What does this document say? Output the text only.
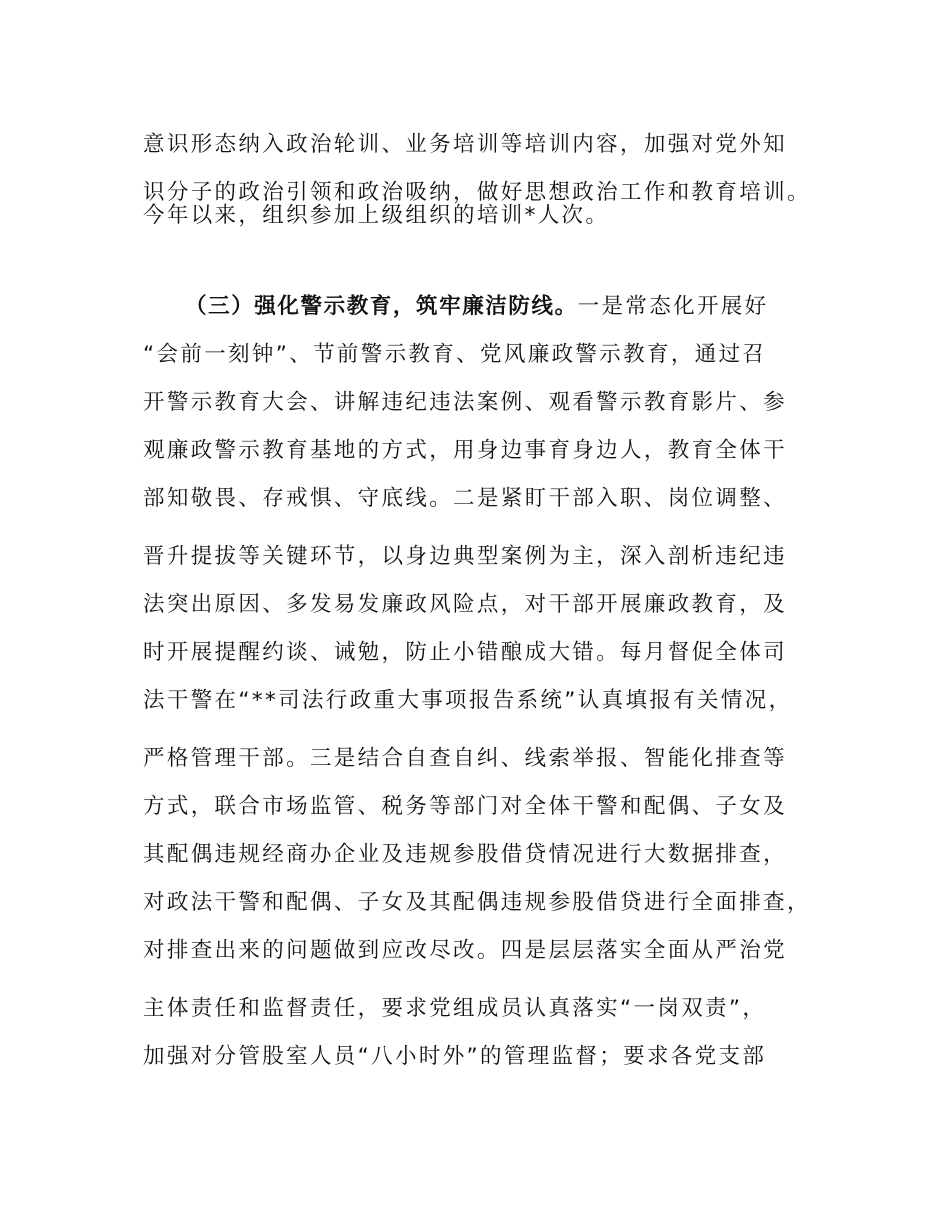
意识形态纳入政治轮训、业务培训等培训内容，加强对党外知
识分子的政治引领和政治吸纳，做好思想政治工作和教育培训。
今年以来，组织参加上级组织的培训*人次。
（三）强化警示教育，筑牢廉洁防线。一是常态化开展好
“会前一刻钟”、节前警示教育、党风廉政警示教育，通过召
开警示教育大会、讲解违纪违法案例、观看警示教育影片、参
观廉政警示教育基地的方式，用身边事育身边人，教育全体干
部知敬畏、存戒惧、守底线。二是紧盯干部入职、岗位调整、
晋升提拔等关键环节，以身边典型案例为主，深入剖析违纪违
法突出原因、多发易发廉政风险点，对干部开展廉政教育，及
时开展提醒约谈、诫勉，防止小错酿成大错。每月督促全体司
法干警在“**司法行政重大事项报告系统”认真填报有关情况，
严格管理干部。三是结合自查自纠、线索举报、智能化排查等
方式，联合市场监管、税务等部门对全体干警和配偶、子女及
其配偶违规经商办企业及违规参股借贷情况进行大数据排查，
对政法干警和配偶、子女及其配偶违规参股借贷进行全面排查，
对排查出来的问题做到应改尽改。四是层层落实全面从严治党
主体责任和监督责任，要求党组成员认真落实“一岗双责”，
加强对分管股室人员“八小时外”的管理监督；要求各党支部
